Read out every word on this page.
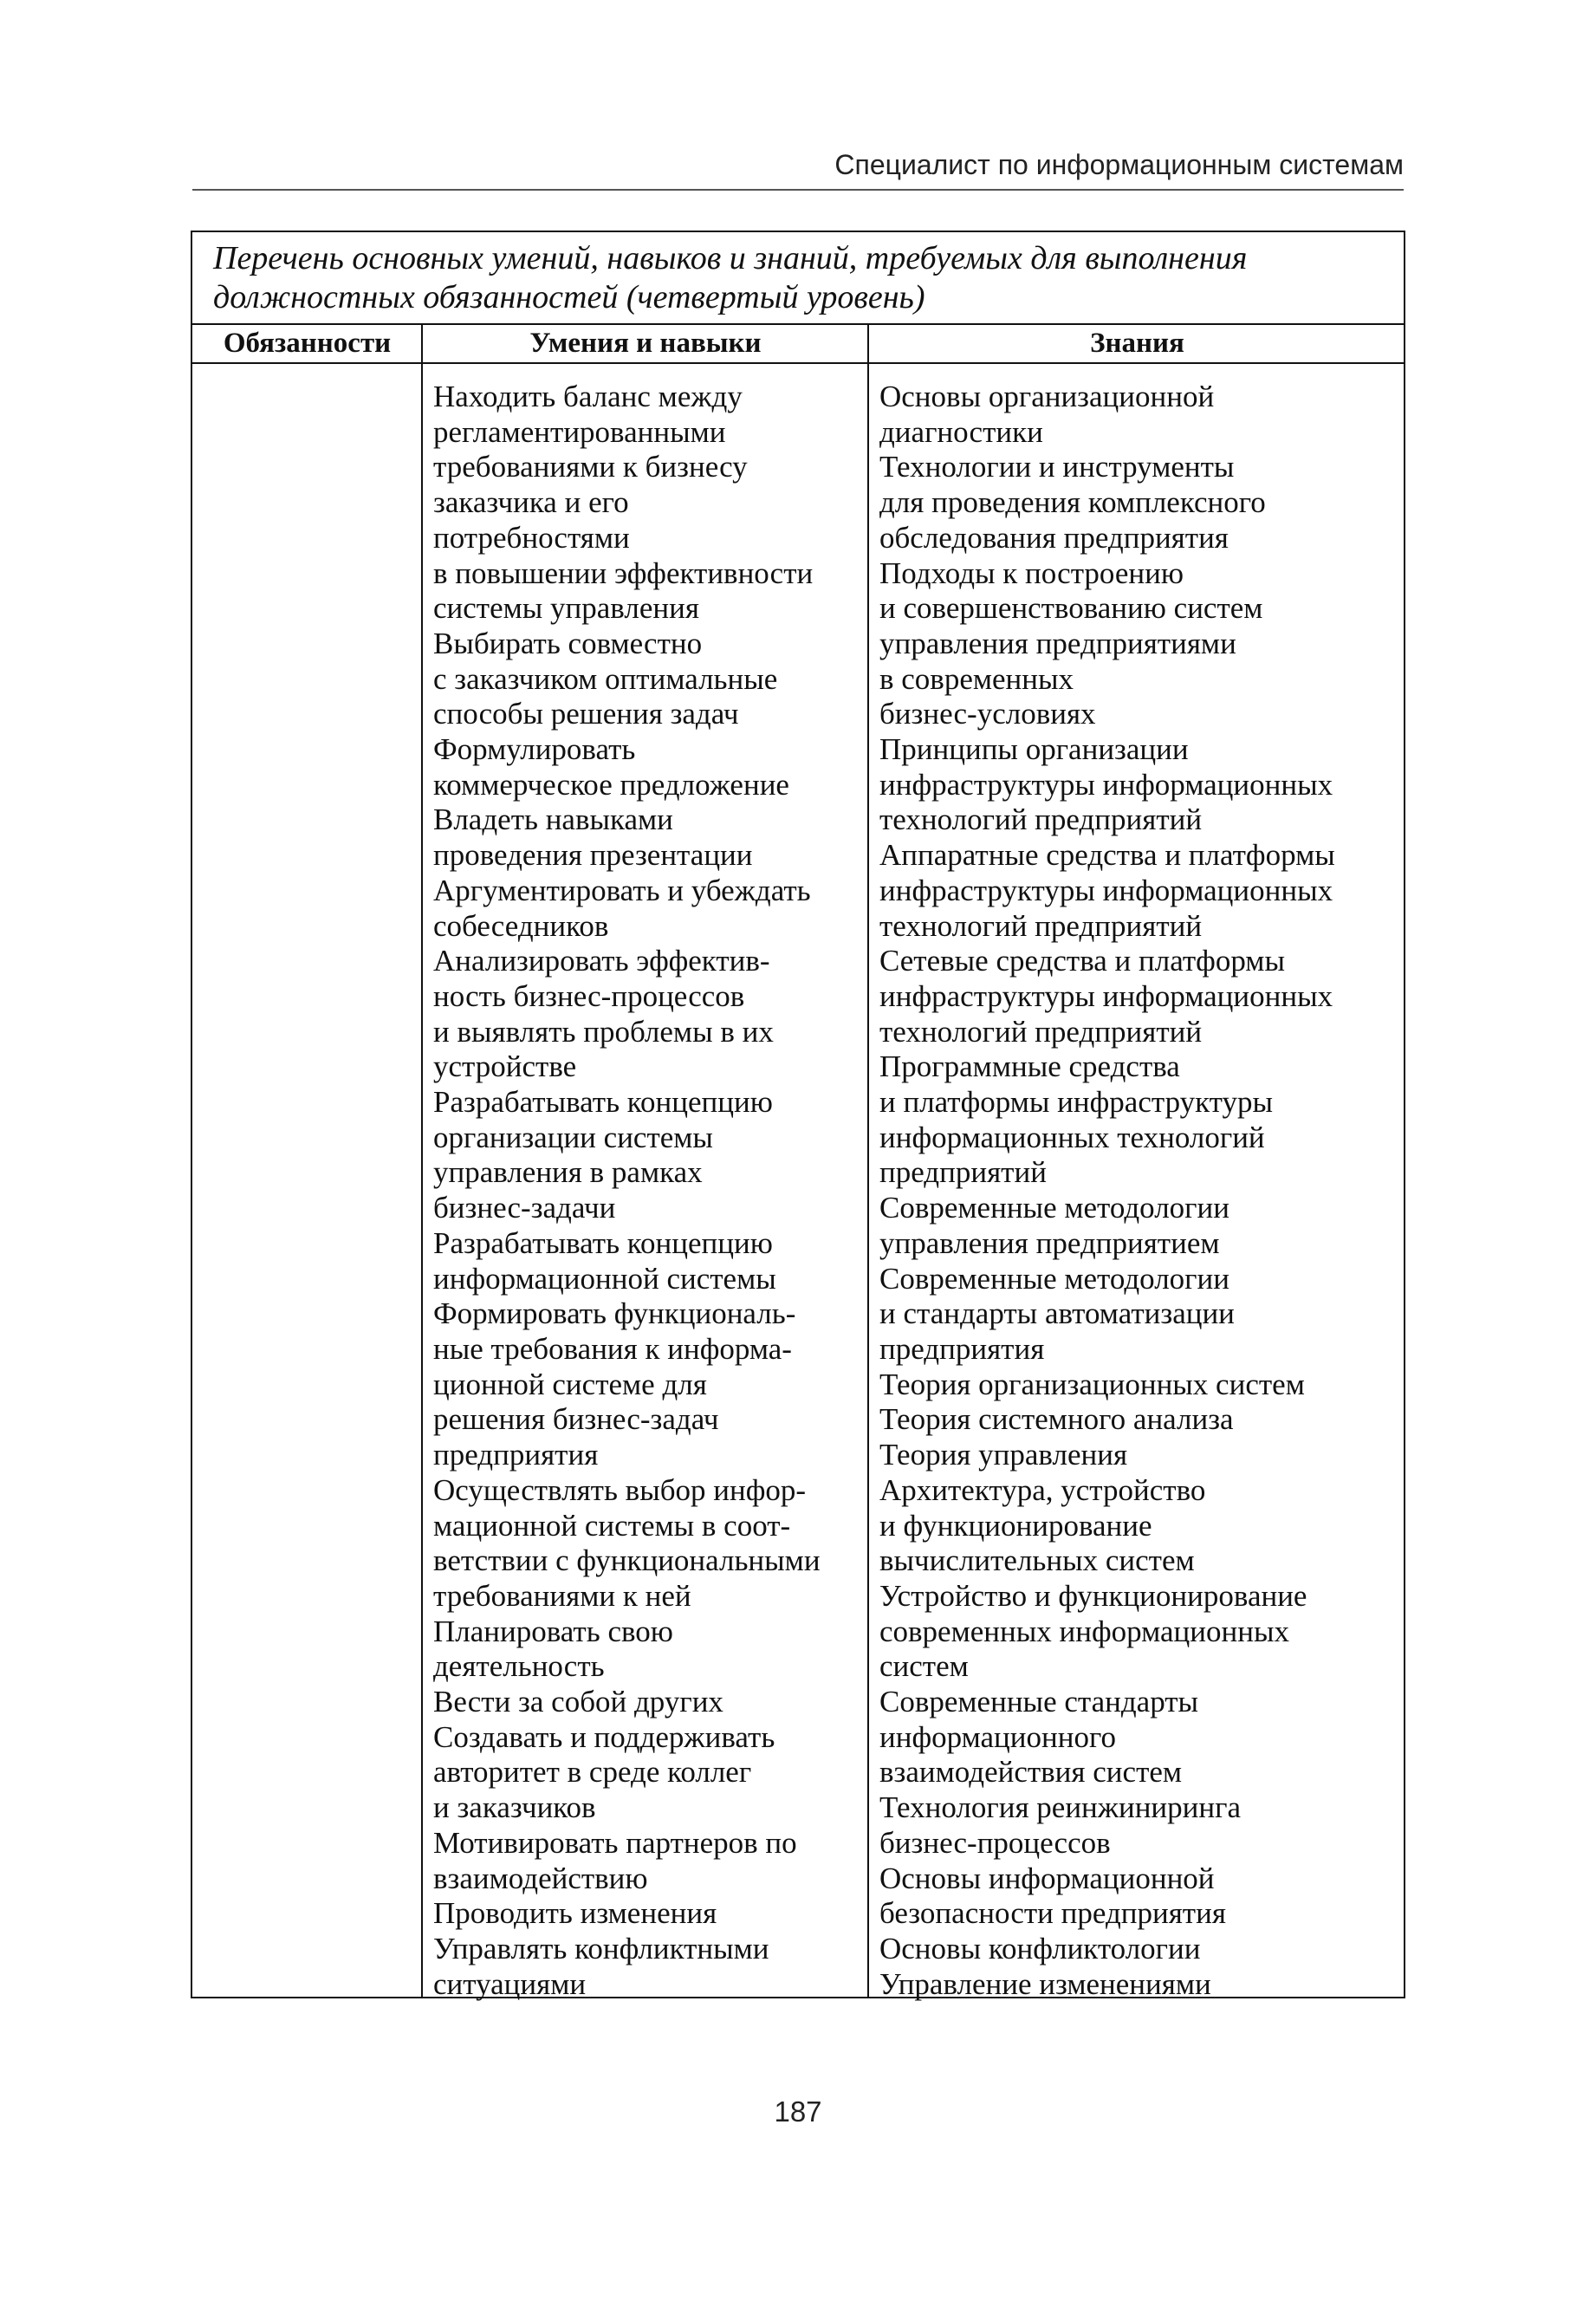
Специалист по информационным системам
Перечень основных умений, навыков и знаний, требуемых для выполнения должностных обязанностей (четвертый уровень)
Обязанности	Умения и навыки	Знания
Находить баланс между
регламентированными
требованиями к бизнесу
заказчика и его
потребностями
в повышении эффективности
системы управления
Выбирать совместно
с заказчиком оптимальные
способы решения задач
Формулировать
коммерческое предложение
Владеть навыками
проведения презентации
Аргументировать и убеждать
собеседников
Анализировать эффектив-
ность бизнес-процессов
и выявлять проблемы в их
устройстве
Разрабатывать концепцию
организации системы
управления в рамках
бизнес-задачи
Разрабатывать концепцию
информационной системы
Формировать функциональ-
ные требования к информа-
ционной системе для
решения бизнес-задач
предприятия
Осуществлять выбор инфор-
мационной системы в соот-
ветствии с функциональными
требованиями к ней
Планировать свою
деятельность
Вести за собой других
Создавать и поддерживать
авторитет в среде коллег
и заказчиков
Мотивировать партнеров по
взаимодействию
Проводить изменения
Управлять конфликтными
ситуациями
Основы организационной
диагностики
Технологии и инструменты
для проведения комплексного
обследования предприятия
Подходы к построению
и совершенствованию систем
управления предприятиями
в современных
бизнес-условиях
Принципы организации
инфраструктуры информационных
технологий предприятий
Аппаратные средства и платформы
инфраструктуры информационных
технологий предприятий
Сетевые средства и платформы
инфраструктуры информационных
технологий предприятий
Программные средства
и платформы инфраструктуры
информационных технологий
предприятий
Современные методологии
управления предприятием
Современные методологии
и стандарты автоматизации
предприятия
Теория организационных систем
Теория системного анализа
Теория управления
Архитектура, устройство
и функционирование
вычислительных систем
Устройство и функционирование
современных информационных
систем
Современные стандарты
информационного
взаимодействия систем
Технология реинжиниринга
бизнес-процессов
Основы информационной
безопасности предприятия
Основы конфликтологии
Управление изменениями
187
